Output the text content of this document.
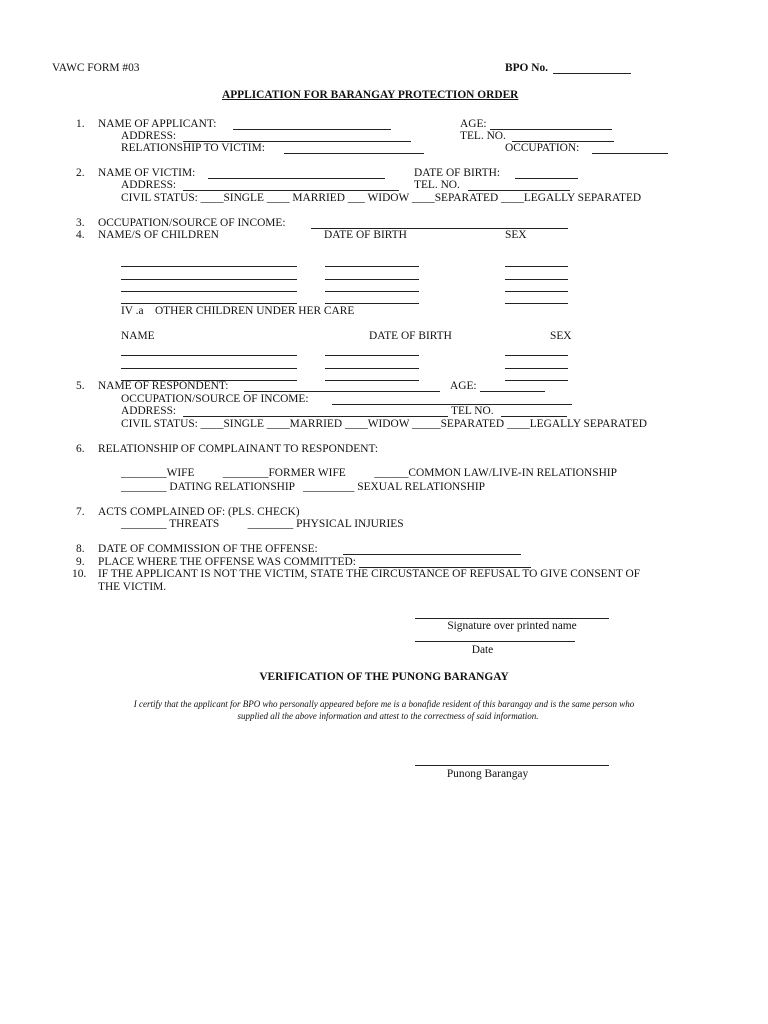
VAWC FORM #03	BPO No.
APPLICATION FOR BARANGAY PROTECTION ORDER
1. NAME OF APPLICANT:	AGE:
ADDRESS:	TEL. NO.
RELATIONSHIP TO VICTIM:	OCCUPATION:
2. NAME OF VICTIM:	DATE OF BIRTH:
ADDRESS:	TEL. NO.
CIVIL STATUS: ____SINGLE ____ MARRIED ___ WIDOW ____SEPARATED ____LEGALLY SEPARATED
3. OCCUPATION/SOURCE OF INCOME:
4. NAME/S OF CHILDREN	DATE OF BIRTH	SEX
IV .a    OTHER CHILDREN UNDER HER CARE
NAME	DATE OF BIRTH	SEX
5. NAME OF RESPONDENT:	AGE:
OCCUPATION/SOURCE OF INCOME:
ADDRESS:	TEL NO.
CIVIL STATUS: ____SINGLE ____MARRIED ____WIDOW _____SEPARATED ____LEGALLY SEPARATED
6. RELATIONSHIP OF COMPLAINANT TO RESPONDENT:
________WIFE          ________FORMER WIFE          ______COMMON LAW/LIVE-IN RELATIONSHIP
________ DATING RELATIONSHIP   _________ SEXUAL RELATIONSHIP
7. ACTS COMPLAINED OF: (PLS. CHECK)
________ THREATS          ________ PHYSICAL INJURIES
8. DATE OF COMMISSION OF THE OFFENSE:
9. PLACE WHERE THE OFFENSE WAS COMMITTED:
10. IF THE APPLICANT IS NOT THE VICTIM, STATE THE CIRCUSTANCE OF REFUSAL TO GIVE CONSENT OF
THE VICTIM.
Signature over printed name
Date
VERIFICATION OF THE PUNONG BARANGAY
I certify that the applicant for BPO who personally appeared before me is a bonafide resident of this barangay and is the same person who
supplied all the above information and attest to the correctness of said information.
Punong Barangay
